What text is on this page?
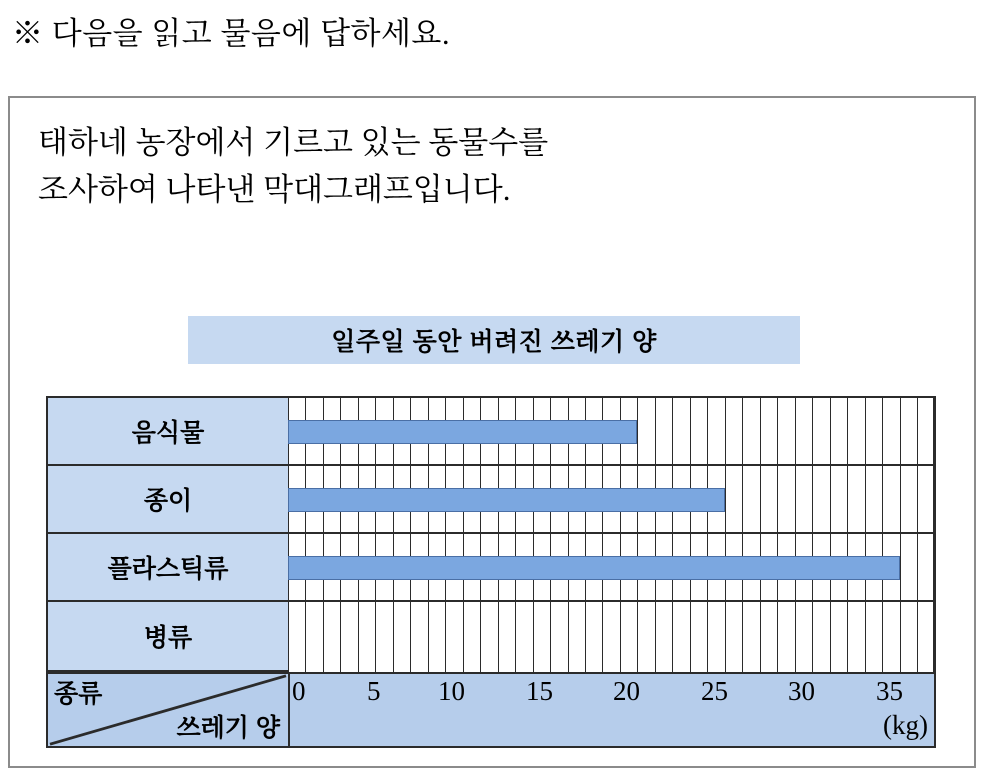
※ 다음을 읽고 물음에 답하세요.
태하네 농장에서 기르고 있는 동물수를
조사하여 나타낸 막대그래프입니다.
일주일 동안 버려진 쓰레기 양
음식물
종이
플라스틱류
병류
종류
쓰레기 양
0 5 10 15 20 25 30 35
(kg)
